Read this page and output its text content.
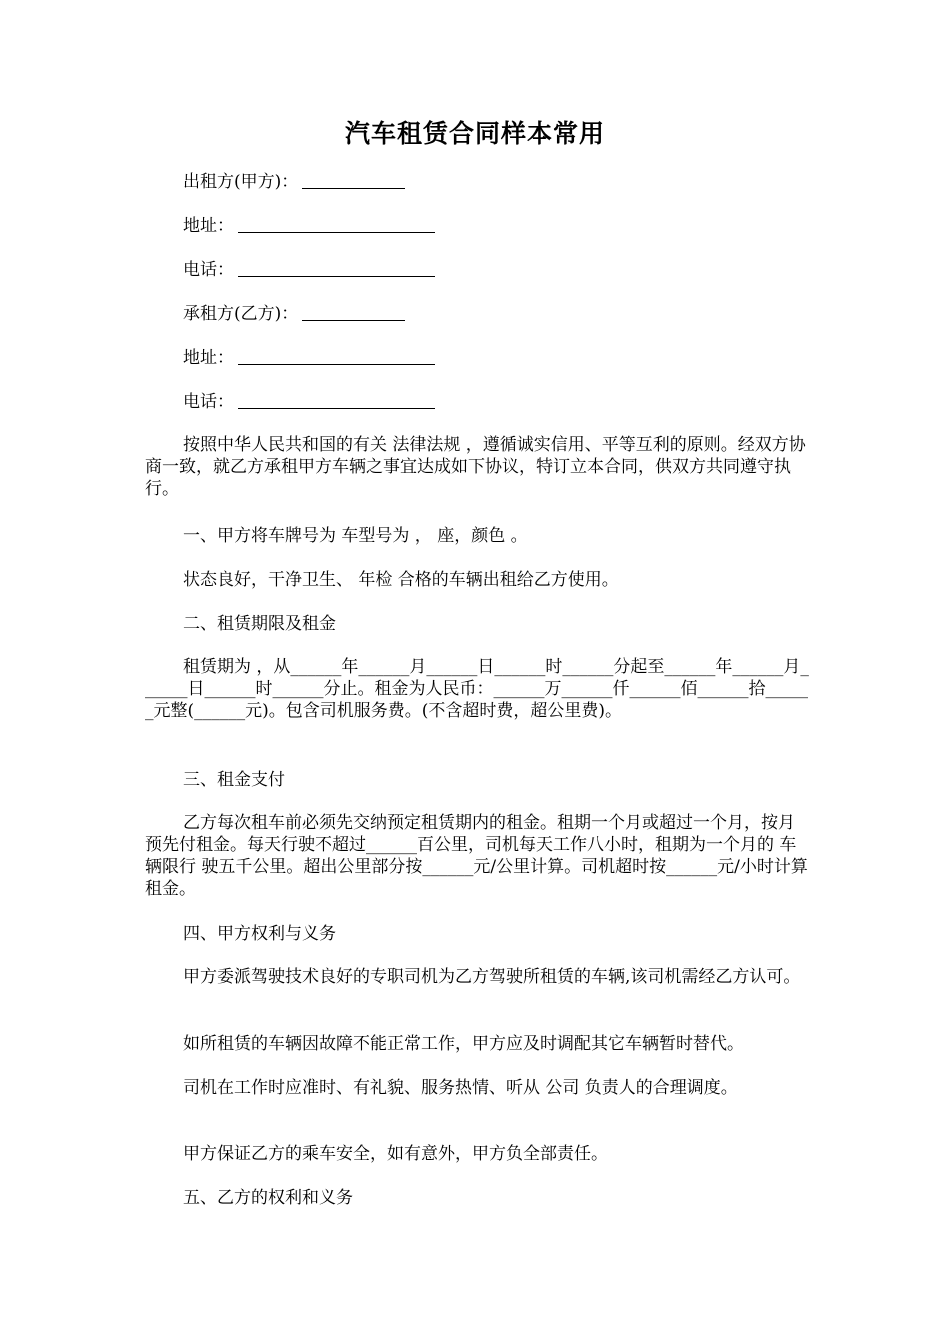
汽车租赁合同样本常用
出租方(甲方)：
地址：
电话：
承租方(乙方)：
地址：
电话：
按照中华人民共和国的有关 法律法规 ，遵循诚实信用、平等互利的原则。经双方协商一致，就乙方承租甲方车辆之事宜达成如下协议，特订立本合同，供双方共同遵守执行。
一、甲方将车牌号为 车型号为 ， 座，颜色 。
状态良好，干净卫生、 年检 合格的车辆出租给乙方使用。
二、租赁期限及租金
租赁期为 ，从______年______月______日______时______分起至______年______月______日______时______分止。租金为人民币：______万______仟______佰______拾______元整(______元)。包含司机服务费。(不含超时费，超公里费)。
三、租金支付
乙方每次租车前必须先交纳预定租赁期内的租金。租期一个月或超过一个月，按月预先付租金。每天行驶不超过______百公里，司机每天工作八小时，租期为一个月的 车辆限行 驶五千公里。超出公里部分按______元/公里计算。司机超时按______元/小时计算租金。
四、甲方权利与义务
甲方委派驾驶技术良好的专职司机为乙方驾驶所租赁的车辆,该司机需经乙方认可。
如所租赁的车辆因故障不能正常工作，甲方应及时调配其它车辆暂时替代。
司机在工作时应准时、有礼貌、服务热情、听从 公司 负责人的合理调度。
甲方保证乙方的乘车安全，如有意外，甲方负全部责任。
五、乙方的权利和义务
